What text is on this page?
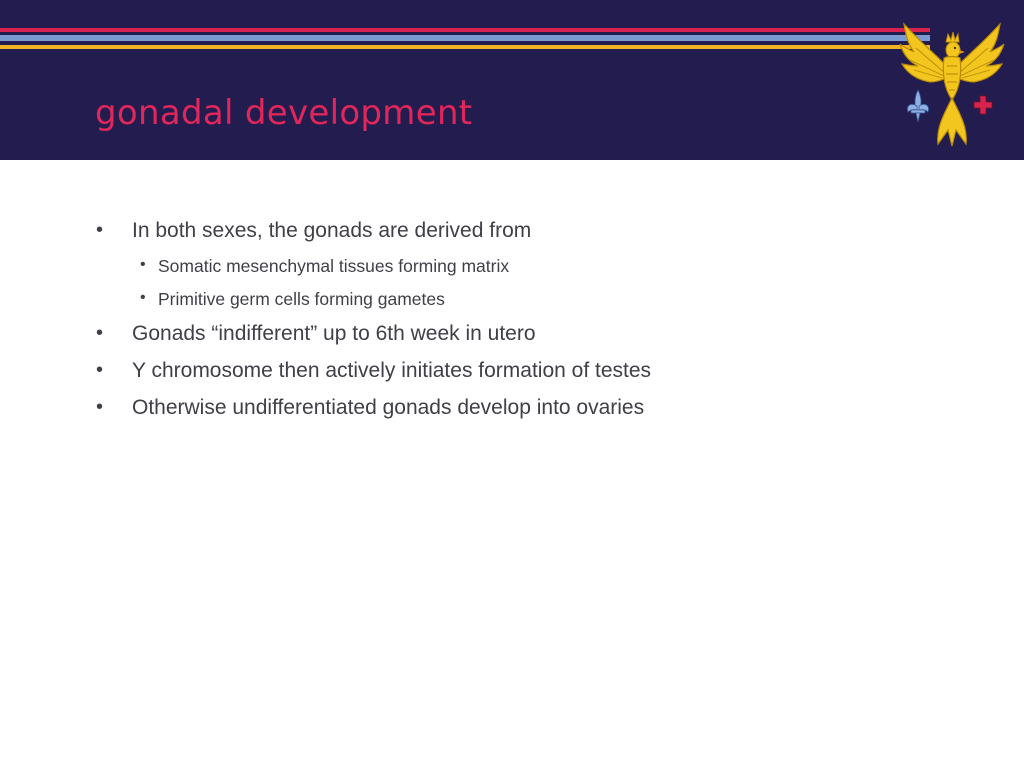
gonadal development
• In both sexes, the gonads are derived from
• Somatic mesenchymal tissues forming matrix
• Primitive germ cells forming gametes
• Gonads “indifferent” up to 6th week in utero
• Y chromosome then actively initiates formation of testes
• Otherwise undifferentiated gonads develop into ovaries
